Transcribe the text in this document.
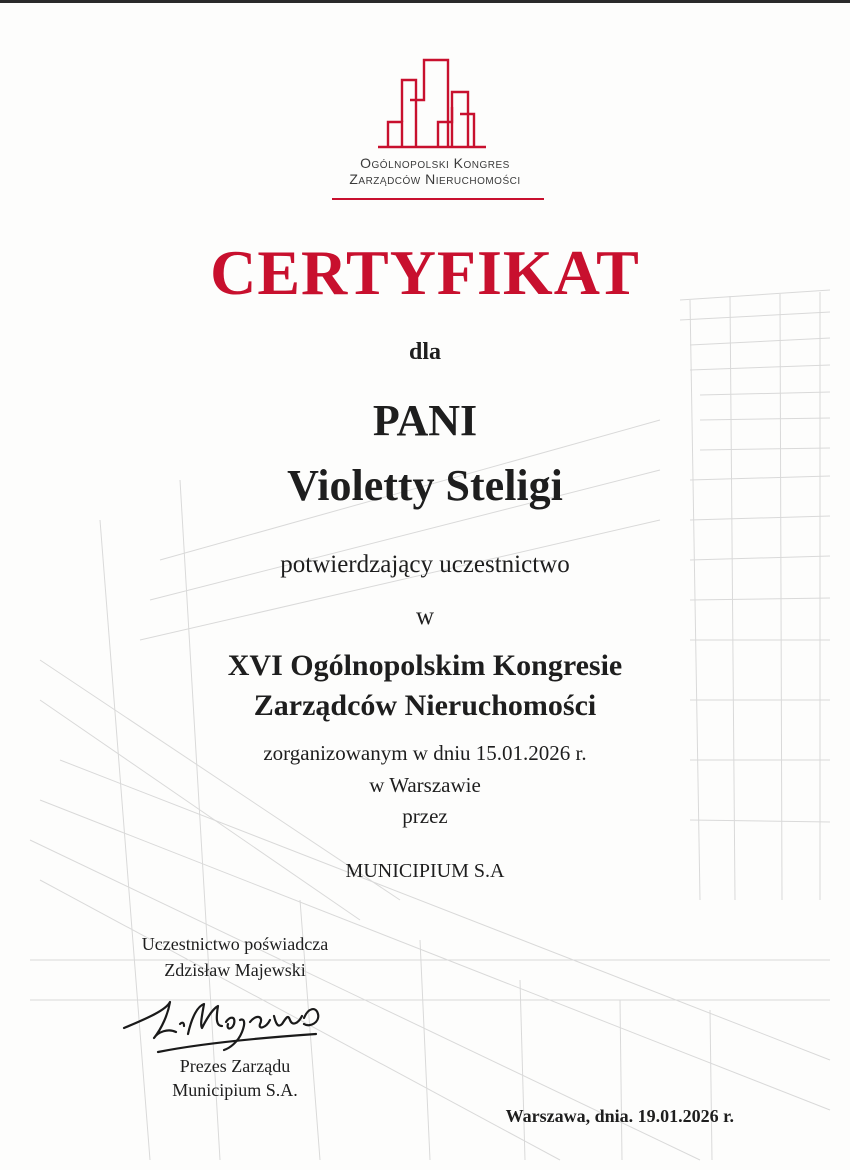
Ogólnopolski Kongres
Zarządców Nieruchomości
CERTYFIKAT
dla
PANI
Violetty Steligi
potwierdzający uczestnictwo
w
XVI Ogólnopolskim Kongresie
Zarządców Nieruchomości
zorganizowanym w dniu 15.01.2026 r.
w Warszawie
przez
MUNICIPIUM S.A
Uczestnictwo poświadcza
Zdzisław Majewski
Prezes Zarządu
Municipium S.A.
Warszawa, dnia. 19.01.2026 r.
